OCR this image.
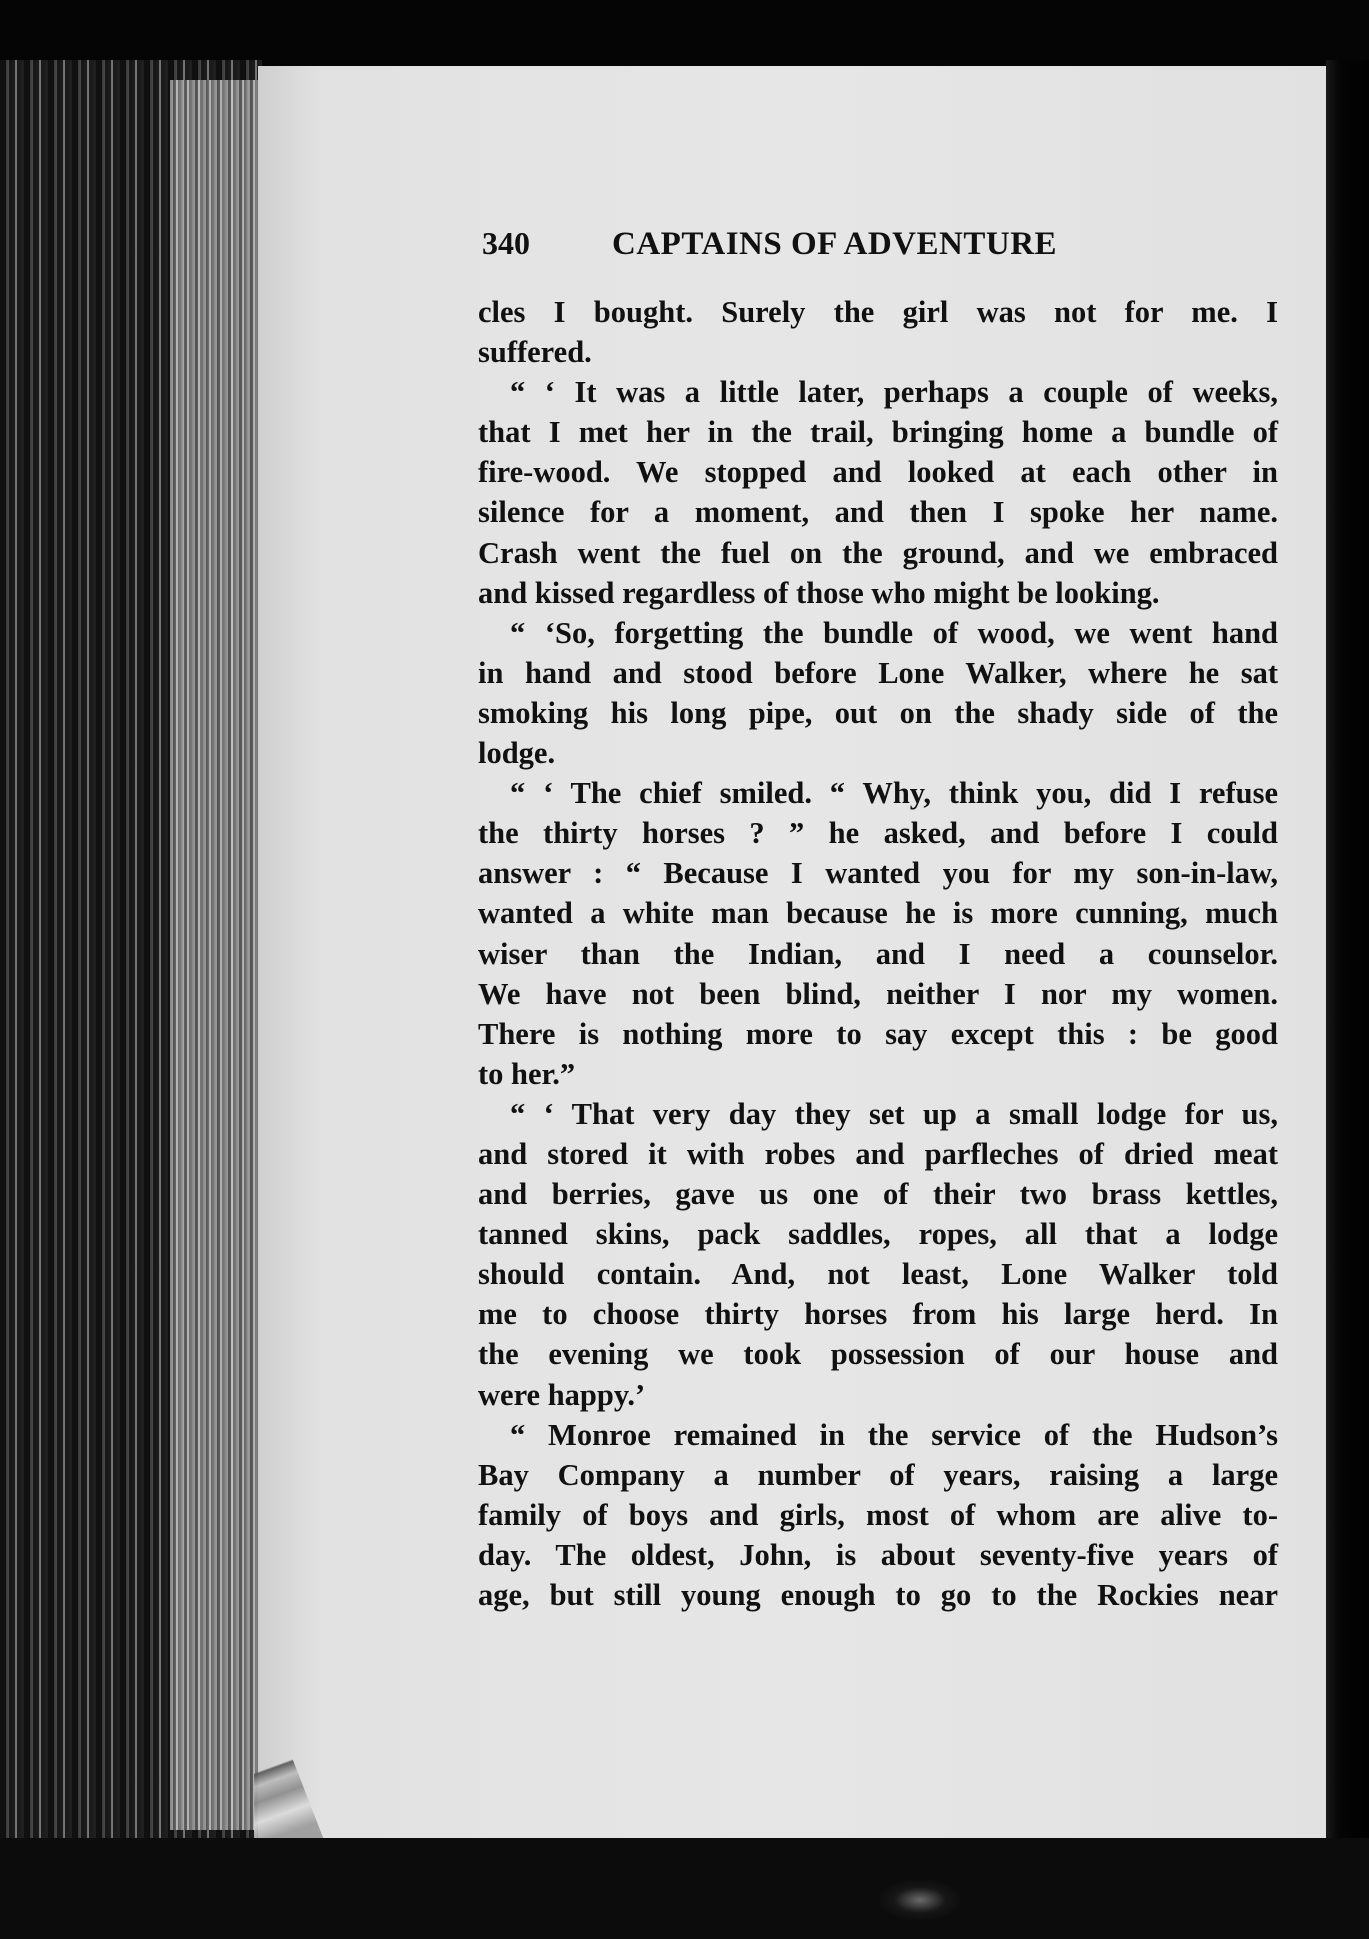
340	CAPTAINS OF ADVENTURE
cles I bought. Surely the girl was not for me. I
suffered.
“ ‘ It was a little later, perhaps a couple of weeks,
that I met her in the trail, bringing home a bundle of
fire-wood. We stopped and looked at each other in
silence for a moment, and then I spoke her name.
Crash went the fuel on the ground, and we embraced
and kissed regardless of those who might be looking.
“ ‘So, forgetting the bundle of wood, we went hand
in hand and stood before Lone Walker, where he sat
smoking his long pipe, out on the shady side of the
lodge.
“ ‘ The chief smiled. “ Why, think you, did I refuse
the thirty horses ? ” he asked, and before I could
answer : “ Because I wanted you for my son-in-law,
wanted a white man because he is more cunning, much
wiser than the Indian, and I need a counselor.
We have not been blind, neither I nor my women.
There is nothing more to say except this : be good
to her.”
“ ‘ That very day they set up a small lodge for us,
and stored it with robes and parfleches of dried meat
and berries, gave us one of their two brass kettles,
tanned skins, pack saddles, ropes, all that a lodge
should contain. And, not least, Lone Walker told
me to choose thirty horses from his large herd. In
the evening we took possession of our house and
were happy.’
“ Monroe remained in the service of the Hudson’s
Bay Company a number of years, raising a large
family of boys and girls, most of whom are alive to-
day. The oldest, John, is about seventy-five years of
age, but still young enough to go to the Rockies near
